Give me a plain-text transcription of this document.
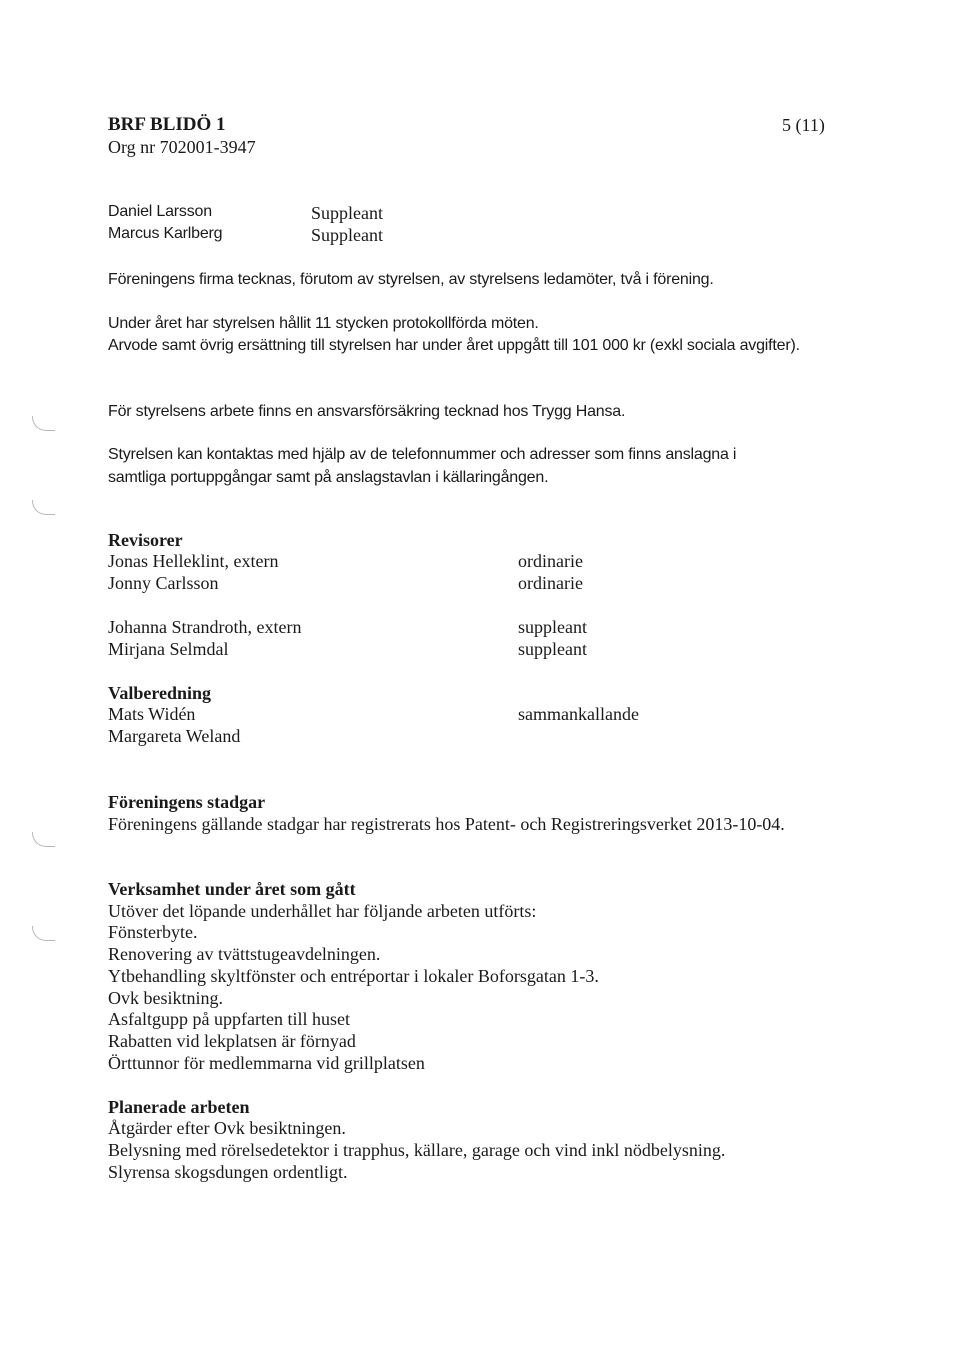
BRF BLIDÖ 1
Org nr 702001-3947
5 (11)
Daniel Larsson	Suppleant
Marcus Karlberg	Suppleant
Föreningens firma tecknas, förutom av styrelsen, av styrelsens ledamöter, två i förening.
Under året har styrelsen hållit 11 stycken protokollförda möten.
Arvode samt övrig ersättning till styrelsen har under året uppgått till 101 000 kr (exkl sociala avgifter).
För styrelsens arbete finns en ansvarsförsäkring tecknad hos Trygg Hansa.
Styrelsen kan kontaktas med hjälp av de telefonnummer och adresser som finns anslagna i samtliga portuppgångar samt på anslagstavlan i källaringången.
Revisorer
Jonas Helleklint, extern	ordinarie
Jonny Carlsson	ordinarie
Johanna Strandroth, extern	suppleant
Mirjana Selmdal	suppleant
Valberedning
Mats Widén	sammankallande
Margareta Weland
Föreningens stadgar
Föreningens gällande stadgar har registrerats hos Patent- och Registreringsverket 2013-10-04.
Verksamhet under året som gått
Utöver det löpande underhållet har följande arbeten utförts:
Fönsterbyte.
Renovering av tvättstugeavdelningen.
Ytbehandling skyltfönster och entréportar i lokaler Boforsgatan 1-3.
Ovk besiktning.
Asfaltgupp på uppfarten till huset
Rabatten vid lekplatsen är förnyad
Örttunnor för medlemmarna vid grillplatsen
Planerade arbeten
Åtgärder efter Ovk besiktningen.
Belysning med rörelsedetektor i trapphus, källare, garage och vind inkl nödbelysning.
Slyrensa skogsdungen ordentligt.
